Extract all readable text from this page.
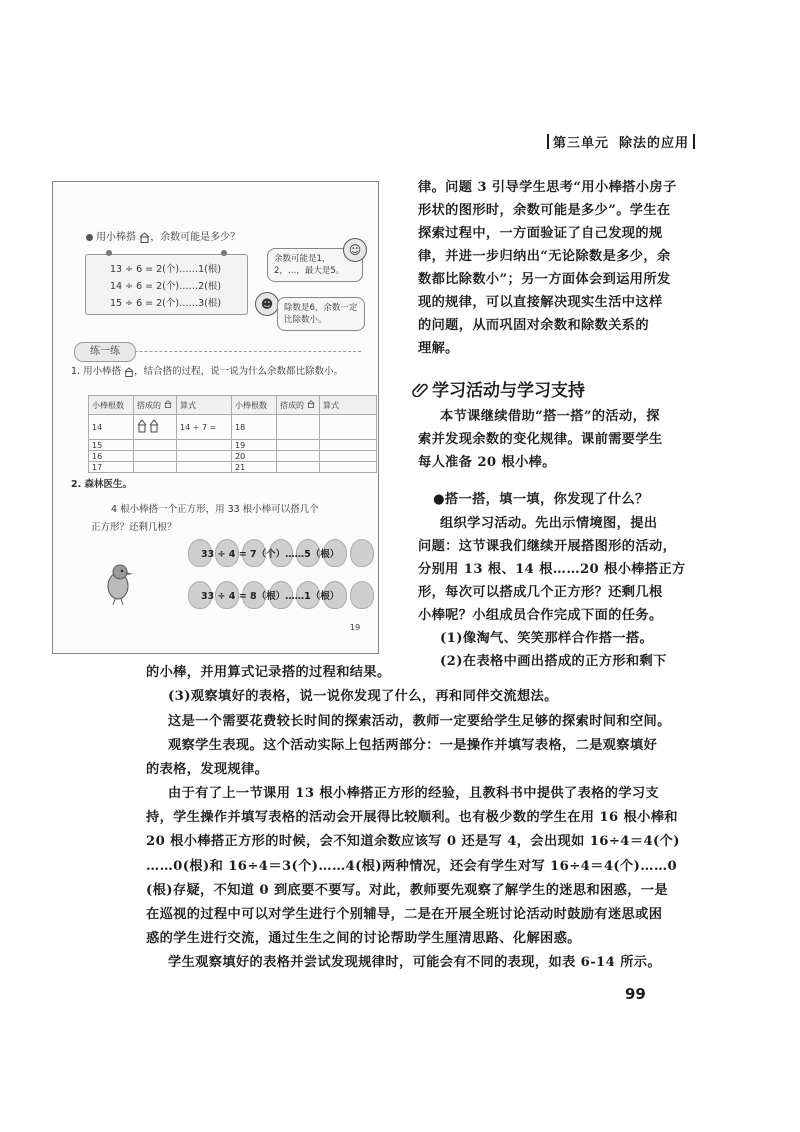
第三单元 除法的应用
用小棒搭 ，余数可能是多少？
13 ÷ 6 = 2(个)……1(根)
14 ÷ 6 = 2(个)……2(根)
15 ÷ 6 = 2(个)……3(根)
余数可能是1，2，…，最大是5。
☺
☻	除数是6，余数一定比除数小。
练一练
1. 用小棒搭 ，结合搭的过程，说一说为什么余数都比除数小。
小棒根数	搭成的	算式	小棒根数	搭成的	算式
14		14 ÷ 7 =	18		
15			19		
16			20		
17			21		
2. 森林医生。
4 根小棒搭一个正方形，用 33 根小棒可以搭几个
正方形？还剩几根？
33 ÷ 4 = 7（个）……5（根）
33 ÷ 4 = 8（根）……1（根）
19
律。问题 3 引导学生思考“用小棒搭小房子
形状的图形时，余数可能是多少”。学生在
探索过程中，一方面验证了自己发现的规
律，并进一步归纳出“无论除数是多少，余
数都比除数小”；另一方面体会到运用所发
现的规律，可以直接解决现实生活中这样
的问题，从而巩固对余数和除数关系的
理解。
学习活动与学习支持
本节课继续借助“搭一搭”的活动，探
索并发现余数的变化规律。课前需要学生
每人准备 20 根小棒。
●搭一搭，填一填，你发现了什么？
组织学习活动。先出示情境图，提出
问题：这节课我们继续开展搭图形的活动，
分别用 13 根、14 根……20 根小棒搭正方
形，每次可以搭成几个正方形？还剩几根
小棒呢？小组成员合作完成下面的任务。
(1)像淘气、笑笑那样合作搭一搭。
(2)在表格中画出搭成的正方形和剩下
的小棒，并用算式记录搭的过程和结果。
(3)观察填好的表格，说一说你发现了什么，再和同伴交流想法。
这是一个需要花费较长时间的探索活动，教师一定要给学生足够的探索时间和空间。
观察学生表现。这个活动实际上包括两部分：一是操作并填写表格，二是观察填好
的表格，发现规律。
由于有了上一节课用 13 根小棒搭正方形的经验，且教科书中提供了表格的学习支
持，学生操作并填写表格的活动会开展得比较顺利。也有极少数的学生在用 16 根小棒和
20 根小棒搭正方形的时候，会不知道余数应该写 0 还是写 4，会出现如 16÷4＝4(个)
……0(根)和 16÷4＝3(个)……4(根)两种情况，还会有学生对写 16÷4＝4(个)……0
(根)存疑，不知道 0 到底要不要写。对此，教师要先观察了解学生的迷思和困惑，一是
在巡视的过程中可以对学生进行个别辅导，二是在开展全班讨论活动时鼓励有迷思或困
惑的学生进行交流，通过生生之间的讨论帮助学生厘清思路、化解困惑。
学生观察填好的表格并尝试发现规律时，可能会有不同的表现，如表 6-14 所示。
99
